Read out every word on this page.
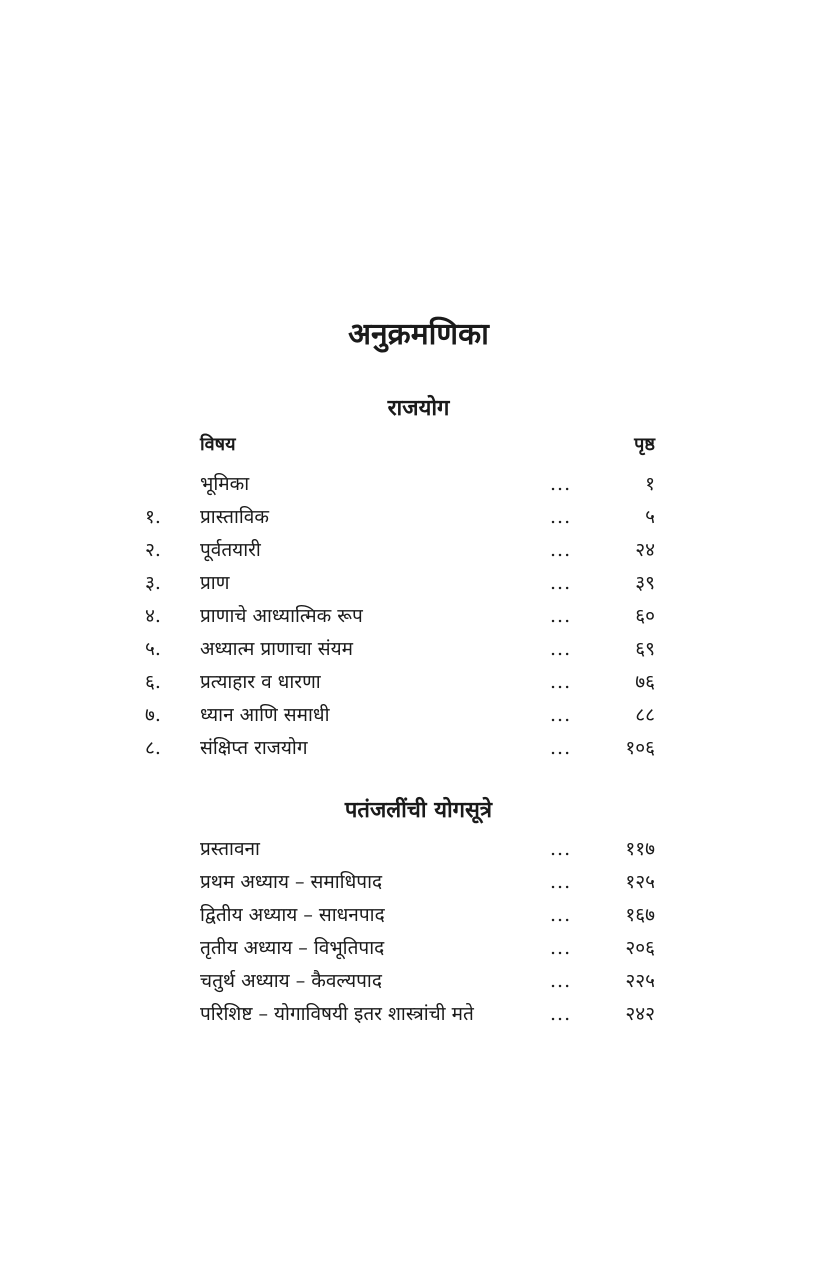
अनुक्रमणिका
राजयोग
विषय	पृष्ठ
भूमिका	...	१
१. प्रास्ताविक	...	५
२. पूर्वतयारी	...	२४
३. प्राण	...	३९
४. प्राणाचे आध्यात्मिक रूप	...	६०
५. अध्यात्म प्राणाचा संयम	...	६९
६. प्रत्याहार व धारणा	...	७६
७. ध्यान आणि समाधी	...	८८
८. संक्षिप्त राजयोग	...	१०६
पतंजलींची योगसूत्रे
प्रस्तावना	...	११७
प्रथम अध्याय – समाधिपाद	...	१२५
द्वितीय अध्याय – साधनपाद	...	१६७
तृतीय अध्याय – विभूतिपाद	...	२०६
चतुर्थ अध्याय – कैवल्यपाद	...	२२५
परिशिष्ट – योगाविषयी इतर शास्त्रांची मते	...	२४२
